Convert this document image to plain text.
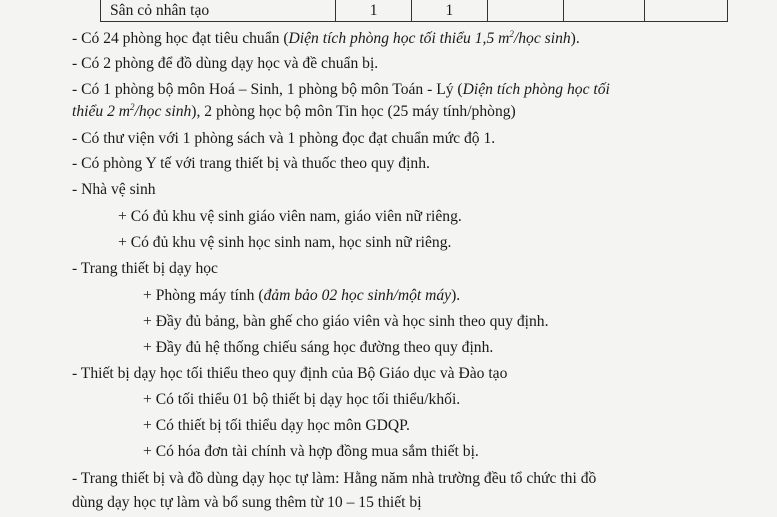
Sân cỏ nhân tạo	1	1
- Có 24 phòng học đạt tiêu chuẩn (Diện tích phòng học tối thiểu 1,5 $m^2$/học sinh).
- Có 2 phòng để đồ dùng dạy học và đề chuẩn bị.
- Có 1 phòng bộ môn Hoá – Sinh, 1 phòng bộ môn Toán - Lý (Diện tích phòng học tối
thiểu 2 $m^2$/học sinh), 2 phòng học bộ môn Tin học (25 máy tính/phòng)
- Có thư viện với 1 phòng sách và 1 phòng đọc đạt chuẩn mức độ 1.
- Có phòng Y tế với trang thiết bị và thuốc theo quy định.
- Nhà vệ sinh
+ Có đủ khu vệ sinh giáo viên nam, giáo viên nữ riêng.
+ Có đủ khu vệ sinh học sinh nam, học sinh nữ riêng.
- Trang thiết bị dạy học
+ Phòng máy tính (đảm bảo 02 học sinh/một máy).
+ Đầy đủ bảng, bàn ghế cho giáo viên và học sinh theo quy định.
+ Đầy đủ hệ thống chiếu sáng học đường theo quy định.
- Thiết bị dạy học tối thiểu theo quy định của Bộ Giáo dục và Đào tạo
+ Có tối thiểu 01 bộ thiết bị dạy học tối thiểu/khối.
+ Có thiết bị tối thiểu dạy học môn GDQP.
+ Có hóa đơn tài chính và hợp đồng mua sắm thiết bị.
- Trang thiết bị và đồ dùng dạy học tự làm: Hằng năm nhà trường đều tổ chức thi đồ
dùng dạy học tự làm và bổ sung thêm từ 10 – 15 thiết bị
